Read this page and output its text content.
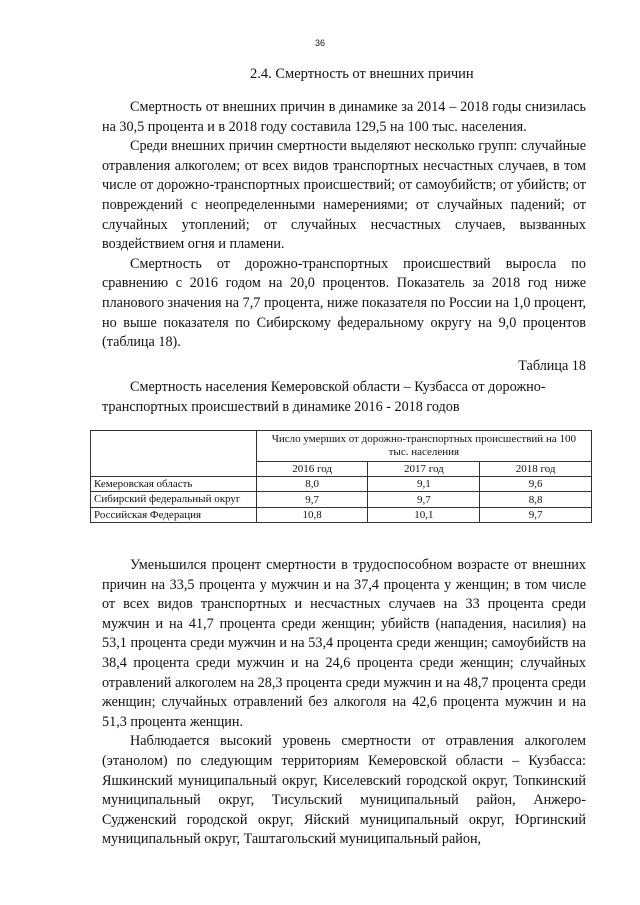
36
2.4. Смертность от внешних причин

Смертность от внешних причин в динамике за 2014 – 2018 годы снизилась на 30,5 процента и в 2018 году составила 129,5 на 100 тыс. населения.

Среди внешних причин смертности выделяют несколько групп: случайные отравления алкоголем; от всех видов транспортных несчастных случаев, в том числе от дорожно-транспортных происшествий; от самоубийств; от убийств; от повреждений с неопределенными намерениями; от случайных падений; от случайных утоплений; от случайных несчастных случаев, вызванных воздействием огня и пламени.

Смертность от дорожно-транспортных происшествий выросла по сравнению с 2016 годом на 20,0 процентов. Показатель за 2018 год ниже планового значения на 7,7 процента, ниже показателя по России на 1,0 процент, но выше показателя по Сибирскому федеральному округу на 9,0 процентов (таблица 18).

Таблица 18
Смертность населения Кемеровской области – Кузбасса от дорожно-
транспортных происшествий в динамике 2016 - 2018 годов
	Число умерших от дорожно-транспортных происшествий на 100 тыс. населения		
	2016 год	2017 год	2018 год
Кемеровская область	8,0	9,1	9,6
Сибирский федеральный округ	9,7	9,7	8,8
Российская Федерация	10,8	10,1	9,7

Уменьшился процент смертности в трудоспособном возрасте от внешних причин на 33,5 процента у мужчин и на 37,4 процента у женщин; в том числе от всех видов транспортных и несчастных случаев на 33 процента среди мужчин и на 41,7 процента среди женщин; убийств (нападения, насилия) на 53,1 процента среди мужчин и на 53,4 процента среди женщин; самоубийств на 38,4 процента среди мужчин и на 24,6 процента среди женщин; случайных отравлений алкоголем на 28,3 процента среди мужчин и на 48,7 процента среди женщин; случайных отравлений без алкоголя на 42,6 процента мужчин и на 51,3 процента женщин.

Наблюдается высокий уровень смертности от отравления алкоголем (этанолом) по следующим территориям Кемеровской области – Кузбасса: Яшкинский муниципальный округ, Киселевский городской округ, Топкинский муниципальный округ, Тисульский муниципальный район, Анжеро-Судженский городской округ, Яйский муниципальный округ, Юргинский муниципальный округ, Таштагольский муниципальный район,
